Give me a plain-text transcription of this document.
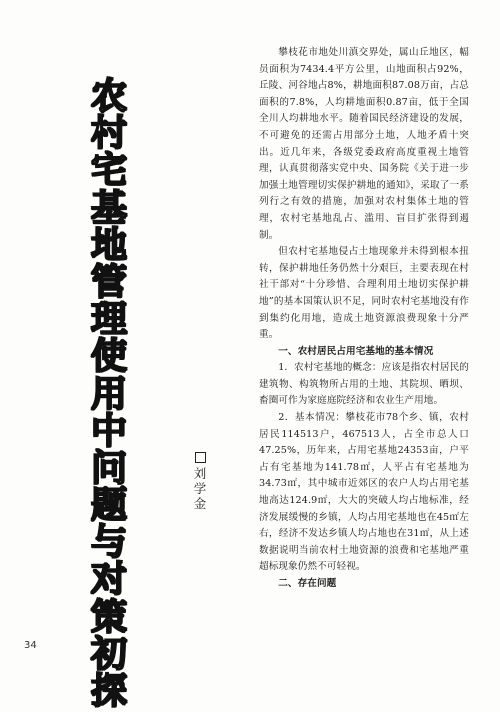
农
村
宅
基
地
管
理
使
用
中
问
题
与
对
策
初
探
刘
学
金

攀枝花市地处川滇交界处，属山丘地区，幅员面积为7434.4平方公里，山地面积占92%，丘陵、河谷地占8%，耕地面积87.08万亩，占总面积的7.8%，人均耕地面积0.87亩，低于全国全川人均耕地水平。随着国民经济建设的发展，不可避免的还需占用部分土地，人地矛盾十突出。近几年来，各级党委政府高度重视土地管理，认真贯彻落实党中央、国务院《关于进一步加强土地管理切实保护耕地的通知》，采取了一系列行之有效的措施，加强对农村集体土地的管理，农村宅基地乱占、滥用、盲目扩张得到遏制。

但农村宅基地侵占土地现象并未得到根本扭转，保护耕地任务仍然十分艰巨，主要表现在村社干部对“十分珍惜、合理利用土地切实保护耕地”的基本国策认识不足，同时农村宅基地没有作到集约化用地，造成土地资源浪费现象十分严重。

一、农村居民占用宅基地的基本情况

1．农村宅基地的概念：应该是指农村居民的建筑物、构筑物所占用的土地、其院坝、晒坝、畜圈可作为家庭庭院经济和农业生产用地。

2．基本情况：攀枝花市78个乡、镇，农村居民114513户，467513人，占全市总人口47.25%，历年来，占用宅基地24353亩，户平占有宅基地为141.78㎡，人平占有宅基地为34.73㎡，其中城市近郊区的农户人均占用宅基地高达124.9㎡，大大的突破人均占地标准，经济发展缓慢的乡镇，人均占用宅基地也在45㎡左右，经济不发达乡镇人均占地也在31㎡，从上述数据说明当前农村土地资源的浪费和宅基地严重超标现象仍然不可轻视。

二、存在问题
34
